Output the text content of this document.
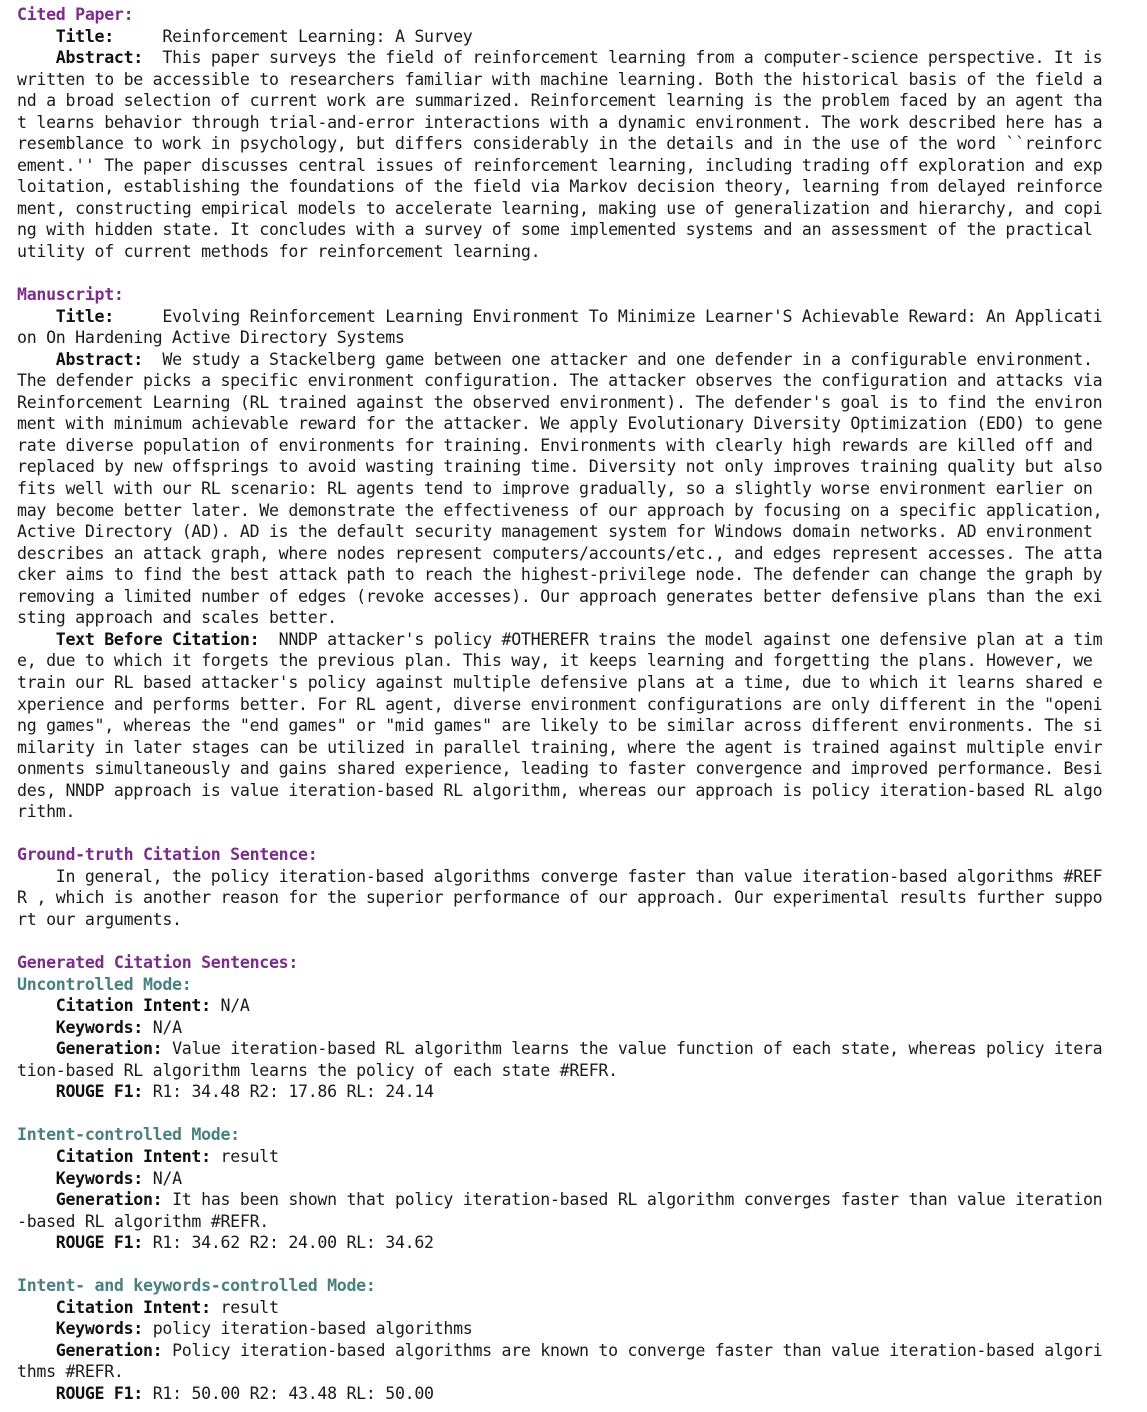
Cited Paper:
Title:	Reinforcement Learning: A Survey
Abstract: This paper surveys the field of reinforcement learning from a computer-science perspective. It is
written to be accessible to researchers familiar with machine learning. Both the historical basis of the field a
nd a broad selection of current work are summarized. Reinforcement learning is the problem faced by an agent tha
t learns behavior through trial-and-error interactions with a dynamic environment. The work described here has a
resemblance to work in psychology, but differs considerably in the details and in the use of the word ``reinforc
ement.'' The paper discusses central issues of reinforcement learning, including trading off exploration and exp
loitation, establishing the foundations of the field via Markov decision theory, learning from delayed reinforce
ment, constructing empirical models to accelerate learning, making use of generalization and hierarchy, and copi
ng with hidden state. It concludes with a survey of some implemented systems and an assessment of the practical
utility of current methods for reinforcement learning.
Manuscript:
Title:	Evolving Reinforcement Learning Environment To Minimize Learner'S Achievable Reward: An Applicati
on On Hardening Active Directory Systems
Abstract: We study a Stackelberg game between one attacker and one defender in a configurable environment.
The defender picks a specific environment configuration. The attacker observes the configuration and attacks via
Reinforcement Learning (RL trained against the observed environment). The defender's goal is to find the environ
ment with minimum achievable reward for the attacker. We apply Evolutionary Diversity Optimization (EDO) to gene
rate diverse population of environments for training. Environments with clearly high rewards are killed off and
replaced by new offsprings to avoid wasting training time. Diversity not only improves training quality but also
fits well with our RL scenario: RL agents tend to improve gradually, so a slightly worse environment earlier on
may become better later. We demonstrate the effectiveness of our approach by focusing on a specific application,
Active Directory (AD). AD is the default security management system for Windows domain networks. AD environment
describes an attack graph, where nodes represent computers/accounts/etc., and edges represent accesses. The atta
cker aims to find the best attack path to reach the highest-privilege node. The defender can change the graph by
removing a limited number of edges (revoke accesses). Our approach generates better defensive plans than the exi
sting approach and scales better.
Text Before Citation: NNDP attacker's policy #OTHEREFR trains the model against one defensive plan at a tim
e, due to which it forgets the previous plan. This way, it keeps learning and forgetting the plans. However, we
train our RL based attacker's policy against multiple defensive plans at a time, due to which it learns shared e
xperience and performs better. For RL agent, diverse environment configurations are only different in the "openi
ng games", whereas the "end games" or "mid games" are likely to be similar across different environments. The si
milarity in later stages can be utilized in parallel training, where the agent is trained against multiple envir
onments simultaneously and gains shared experience, leading to faster convergence and improved performance. Besi
des, NNDP approach is value iteration-based RL algorithm, whereas our approach is policy iteration-based RL algo
rithm.
Ground-truth Citation Sentence:
In general, the policy iteration-based algorithms converge faster than value iteration-based algorithms #REF
R , which is another reason for the superior performance of our approach. Our experimental results further suppo
rt our arguments.
Generated Citation Sentences:
Uncontrolled Mode:
Citation Intent: N/A
Keywords: N/A
Generation: Value iteration-based RL algorithm learns the value function of each state, whereas policy itera
tion-based RL algorithm learns the policy of each state #REFR.
ROUGE F1: R1: 34.48 R2: 17.86 RL: 24.14
Intent-controlled Mode:
Citation Intent: result
Keywords: N/A
Generation: It has been shown that policy iteration-based RL algorithm converges faster than value iteration
-based RL algorithm #REFR.
ROUGE F1: R1: 34.62 R2: 24.00 RL: 34.62
Intent- and keywords-controlled Mode:
Citation Intent: result
Keywords: policy iteration-based algorithms
Generation: Policy iteration-based algorithms are known to converge faster than value iteration-based algori
thms #REFR.
ROUGE F1: R1: 50.00 R2: 43.48 RL: 50.00
